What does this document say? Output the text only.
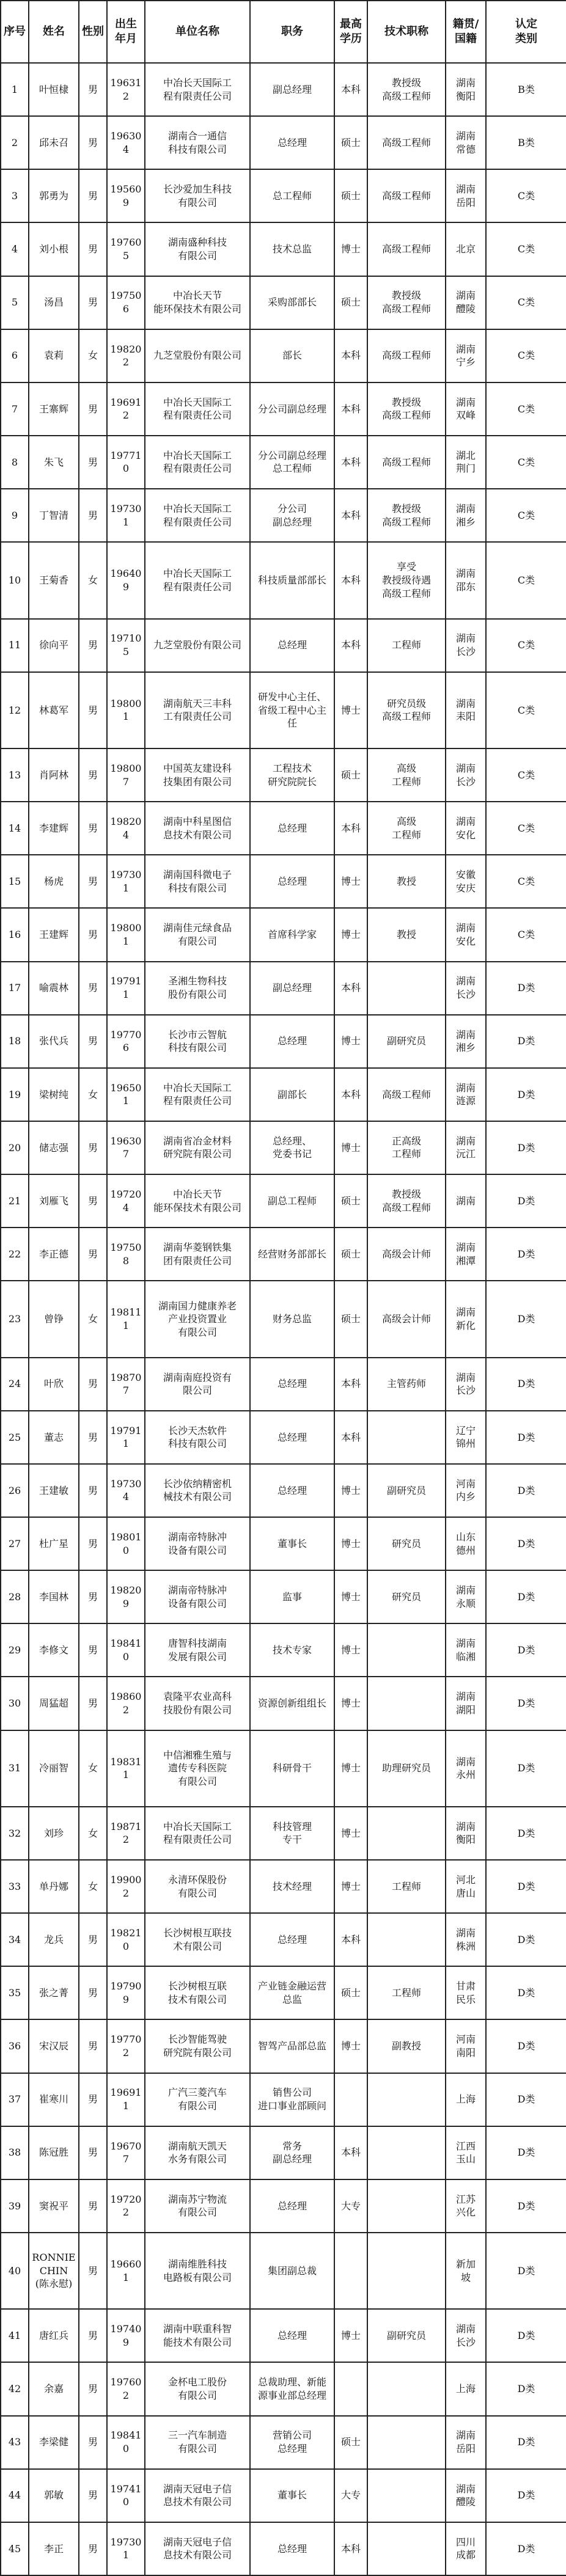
序号	姓名	性别	出生
年月	单位名称	职务	最高
学历	技术职称	籍贯/
国籍	认定
类别

1	叶恒棣	男	196312	中冶长天国际工
程有限责任公司	副总经理	本科	教授级
高级工程师	湖南
衡阳	B类

2	邱未召	男	196304	湖南合一通信
科技有限公司	总经理	硕士	高级工程师	湖南
常德	B类

3	郭勇为	男	195609	长沙爱加生科技
有限公司	总工程师	硕士	高级工程师	湖南
岳阳	C类

4	刘小根	男	197605	湖南盛种科技
有限公司	技术总监	博士	高级工程师	北京	C类

5	汤昌	男	197506	中冶长天节
能环保技术有限公司	采购部部长	硕士	教授级
高级工程师	湖南
醴陵	C类

6	袁莉	女	198202	九芝堂股份有限公司	部长	本科	高级工程师	湖南
宁乡	C类

7	王寨辉	男	196912	中冶长天国际工
程有限责任公司	分公司副总经理	本科	教授级
高级工程师	湖南
双峰	C类

8	朱飞	男	197710	中冶长天国际工
程有限责任公司	分公司副总经理
总工程师	本科	高级工程师	湖北
荆门	C类

9	丁智清	男	197301	中冶长天国际工
程有限责任公司	分公司
副总经理	本科	教授级
高级工程师	湖南
湘乡	C类

10	王菊香	女	196409	中冶长天国际工
程有限责任公司	科技质量部部长	本科	享受
教授级待遇
高级工程师	湖南
邵东	C类

11	徐向平	男	197105	九芝堂股份有限公司	总经理	本科	工程师	湖南
长沙	C类

12	林葛军	男	198001	湖南航天三丰科
工有限责任公司	研发中心主任、
省级工程中心主
任	博士	研究员级
高级工程师	湖南
耒阳	C类

13	肖阿林	男	198007	中国英友建设科
技集团有限公司	工程技术
研究院院长	硕士	高级
工程师	湖南
长沙	C类

14	李建辉	男	198204	湖南中科星图信
息技术有限公司	总经理	本科	高级
工程师	湖南
安化	C类

15	杨虎	男	197301	湖南国科微电子
科技有限公司	总经理	博士	教授	安徽
安庆	C类

16	王建辉	男	198001	湖南佳元绿食品
有限公司	首席科学家	博士	教授	湖南
安化	C类

17	喻震林	男	197911	圣湘生物科技
股份有限公司	副总经理	本科		湖南
长沙	D类

18	张代兵	男	197706	长沙市云智航
科技有限公司	总经理	博士	副研究员	湖南
湘乡	D类

19	梁树纯	女	196501	中冶长天国际工
程有限责任公司	副部长	本科	高级工程师	湖南
涟源	D类

20	储志强	男	196307	湖南省冶金材料
研究院有限公司	总经理、
党委书记	博士	正高级
工程师	湖南
沅江	D类

21	刘雁飞	男	197204	中冶长天节
能环保技术有限公司	副总工程师	硕士	教授级
高级工程师	湖南	D类

22	李正德	男	197508	湖南华菱钢铁集
团有限责任公司	经营财务部部长	硕士	高级会计师	湖南
湘潭	D类

23	曾铮	女	198111	湖南国力健康养老
产业投资置业
有限公司	财务总监	硕士	高级会计师	湖南
新化	D类

24	叶欣	男	198707	湖南南庭投资有
限公司	总经理	本科	主管药师	湖南
长沙	D类

25	董志	男	197911	长沙天杰软件
科技有限公司	总经理	本科		辽宁
锦州	D类

26	王建敏	男	197304	长沙依纳精密机
械技术有限公司	总经理	博士	副研究员	河南
内乡	D类

27	杜广星	男	198010	湖南帝特脉冲
设备有限公司	董事长	博士	研究员	山东
德州	D类

28	李国林	男	198209	湖南帝特脉冲
设备有限公司	监事	博士	研究员	湖南
永顺	D类

29	李修文	男	198410	唐智科技湖南
发展有限公司	技术专家	博士		湖南
临湘	D类

30	周猛超	男	198602	袁隆平农业高科
技股份有限公司	资源创新组组长	博士		湖南
湖阳	D类

31	冷丽智	女	198311	中信湘雅生殖与
遗传专科医院
有限公司	科研骨干	博士	助理研究员	湖南
永州	D类

32	刘珍	女	198712	中冶长天国际工
程有限责任公司	科技管理
专干	博士		湖南
衡阳	D类

33	单丹娜	女	199002	永清环保股份
有限公司	技术经理	博士	工程师	河北
唐山	D类

34	龙兵	男	198210	长沙树根互联技
术有限公司	总经理	本科		湖南
株洲	D类

35	张之菁	男	197909	长沙树根互联
技术有限公司	产业链金融运营
总监	硕士	工程师	甘肃
民乐	D类

36	宋汉辰	男	197702	长沙智能驾驶
研究院有限公司	智驾产品部总监	博士	副教授	河南
南阳	D类

37	崔寒川	男	196911	广汽三菱汽车
有限公司	销售公司
进口事业部顾问			上海	D类

38	陈冠胜	男	196707	湖南航天凯天
水务有限公司	常务
副总经理	本科		江西
玉山	D类

39	窦祝平	男	197202	湖南苏宁物流
有限公司	总经理	大专		江苏
兴化	D类

40	RONNIE
CHIN
(陈永慰)	男	196601	湖南维胜科技
电路板有限公司	集团副总裁			新加
坡	D类

41	唐红兵	男	197409	湖南中联重科智
能技术有限公司	总经理	博士	副研究员	湖南
长沙	D类

42	余嘉	男	197602	金杯电工股份
有限公司	总裁助理、新能
源事业部总经理			上海	D类

43	李梁健	男	198410	三一汽车制造
有限公司	营销公司
总经理	硕士		湖南
岳阳	D类

44	郭敏	男	197410	湖南天冠电子信
息技术有限公司	董事长	大专		湖南
醴陵	D类

45	李正	男	197301	湖南天冠电子信
息技术有限公司	总经理	本科		四川
成都	D类
